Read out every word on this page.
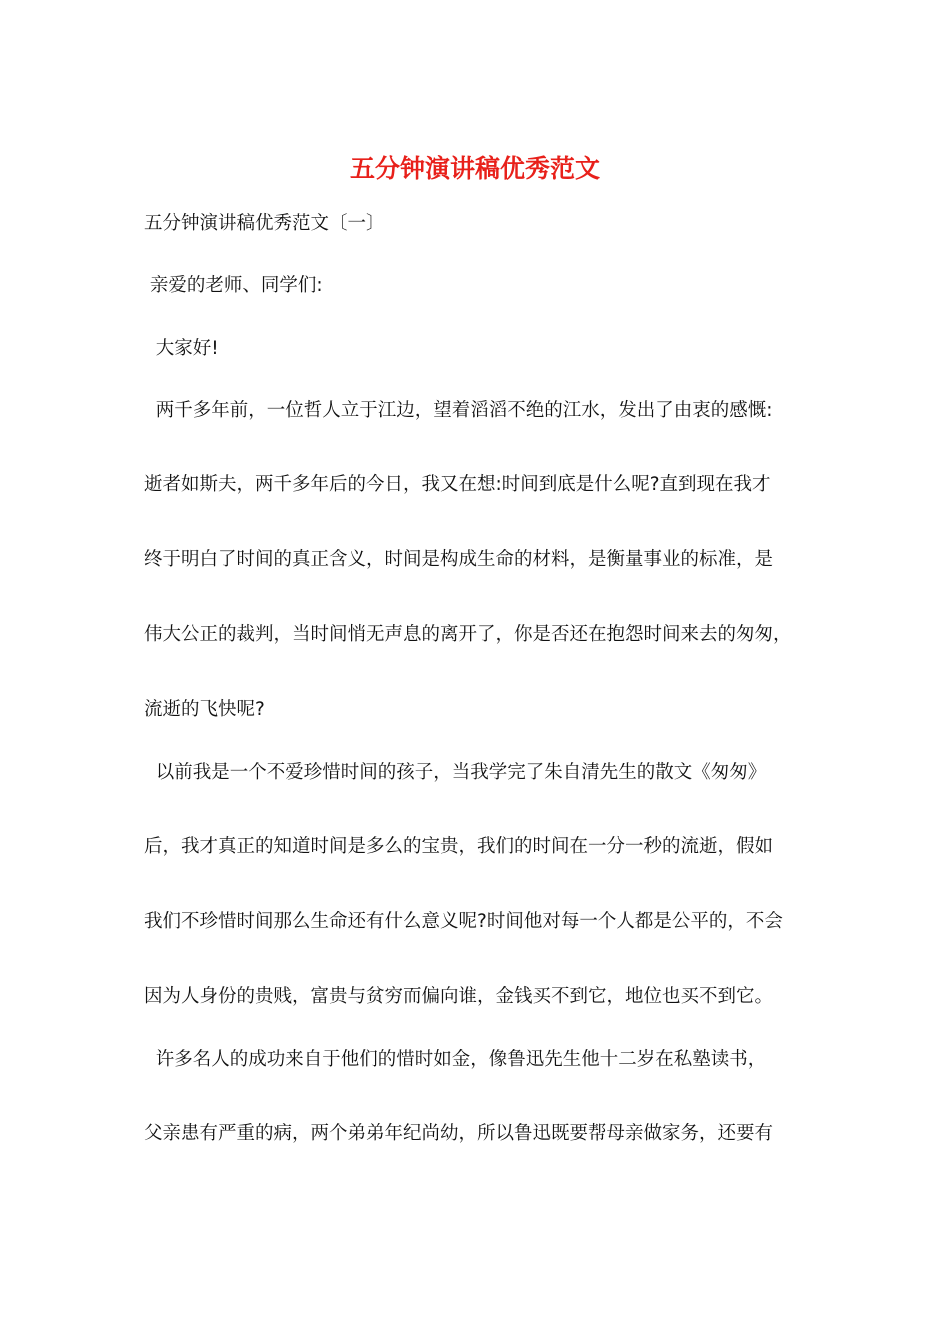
五分钟演讲稿优秀范文
五分钟演讲稿优秀范文〔一〕
亲爱的老师、同学们:
大家好!
两千多年前，一位哲人立于江边，望着滔滔不绝的江水，发出了由衷的感慨:
逝者如斯夫，两千多年后的今日，我又在想:时间到底是什么呢?直到现在我才
终于明白了时间的真正含义，时间是构成生命的材料，是衡量事业的标准，是
伟大公正的裁判，当时间悄无声息的离开了，你是否还在抱怨时间来去的匆匆，
流逝的飞快呢?
以前我是一个不爱珍惜时间的孩子，当我学完了朱自清先生的散文《匆匆》
后，我才真正的知道时间是多么的宝贵，我们的时间在一分一秒的流逝，假如
我们不珍惜时间那么生命还有什么意义呢?时间他对每一个人都是公平的，不会
因为人身份的贵贱，富贵与贫穷而偏向谁，金钱买不到它，地位也买不到它。
许多名人的成功来自于他们的惜时如金，像鲁迅先生他十二岁在私塾读书，
父亲患有严重的病，两个弟弟年纪尚幼，所以鲁迅既要帮母亲做家务，还要有
